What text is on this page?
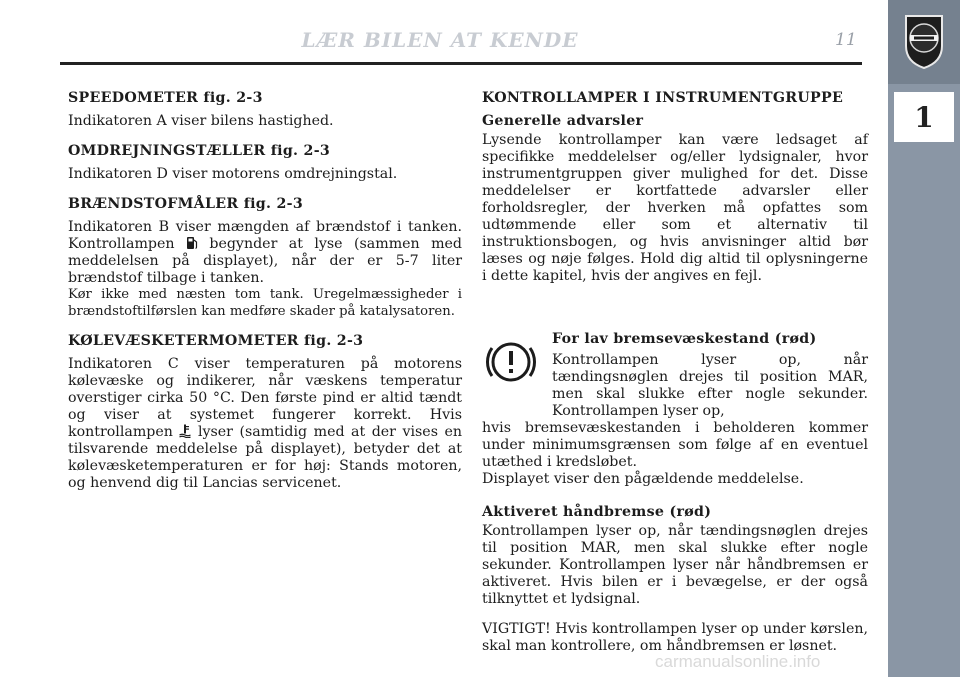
LÆR BILEN AT KENDE	11
1

SPEEDOMETER fig. 2-3

Indikatoren A viser bilens hastighed.

OMDREJNINGSTÆLLER fig. 2-3

Indikatoren D viser motorens omdrejningstal.

BRÆNDSTOFMÅLER fig. 2-3

Indikatoren B viser mængden af brændstof i tanken. Kontrollampen begynder at lyse (sammen med meddelelsen på displayet), når der er 5-7 liter brændstof tilbage i tanken.

Kør ikke med næsten tom tank. Uregelmæssigheder i brændstoftilførslen kan medføre skader på katalysatoren.

KØLEVÆSKETERMOMETER fig. 2-3

Indikatoren C viser temperaturen på motorens kølevæske og indikerer, når væskens temperatur overstiger cirka 50 °C. Den første pind er altid tændt og viser at systemet fungerer korrekt. Hvis kontrollampen lyser (samtidig med at der vises en tilsvarende meddelelse på displayet), betyder det at kølevæsketemperaturen er for høj: Stands motoren, og henvend dig til Lancias servicenet.

KONTROLLAMPER I INSTRUMENTGRUPPE

Generelle advarsler

Lysende kontrollamper kan være ledsaget af specifikke meddelelser og/eller lydsignaler, hvor instrumentgruppen giver mulighed for det. Disse meddelelser er kortfattede advarsler eller forholdsregler, der hverken må opfattes som udtømmende eller som et alternativ til instruktionsbogen, og hvis anvisninger altid bør læses og nøje følges. Hold dig altid til oplysningerne i dette kapitel, hvis der angives en fejl.

For lav bremsevæskestand (rød)

Kontrollampen lyser op, når tændingsnøglen drejes til position MAR, men skal slukke efter nogle sekunder. Kontrollampen lyser op,

hvis bremsevæskestanden i beholderen kommer under minimumsgrænsen som følge af en eventuel utæthed i kredsløbet.

Displayet viser den pågældende meddelelse.

Aktiveret håndbremse (rød)

Kontrollampen lyser op, når tændingsnøglen drejes til position MAR, men skal slukke efter nogle sekunder. Kontrollampen lyser når håndbremsen er aktiveret. Hvis bilen er i bevægelse, er der også tilknyttet et lydsignal.

VIGTIGT! Hvis kontrollampen lyser op under kørslen, skal man kontrollere, om håndbremsen er løsnet.

carmanualsonline.info
